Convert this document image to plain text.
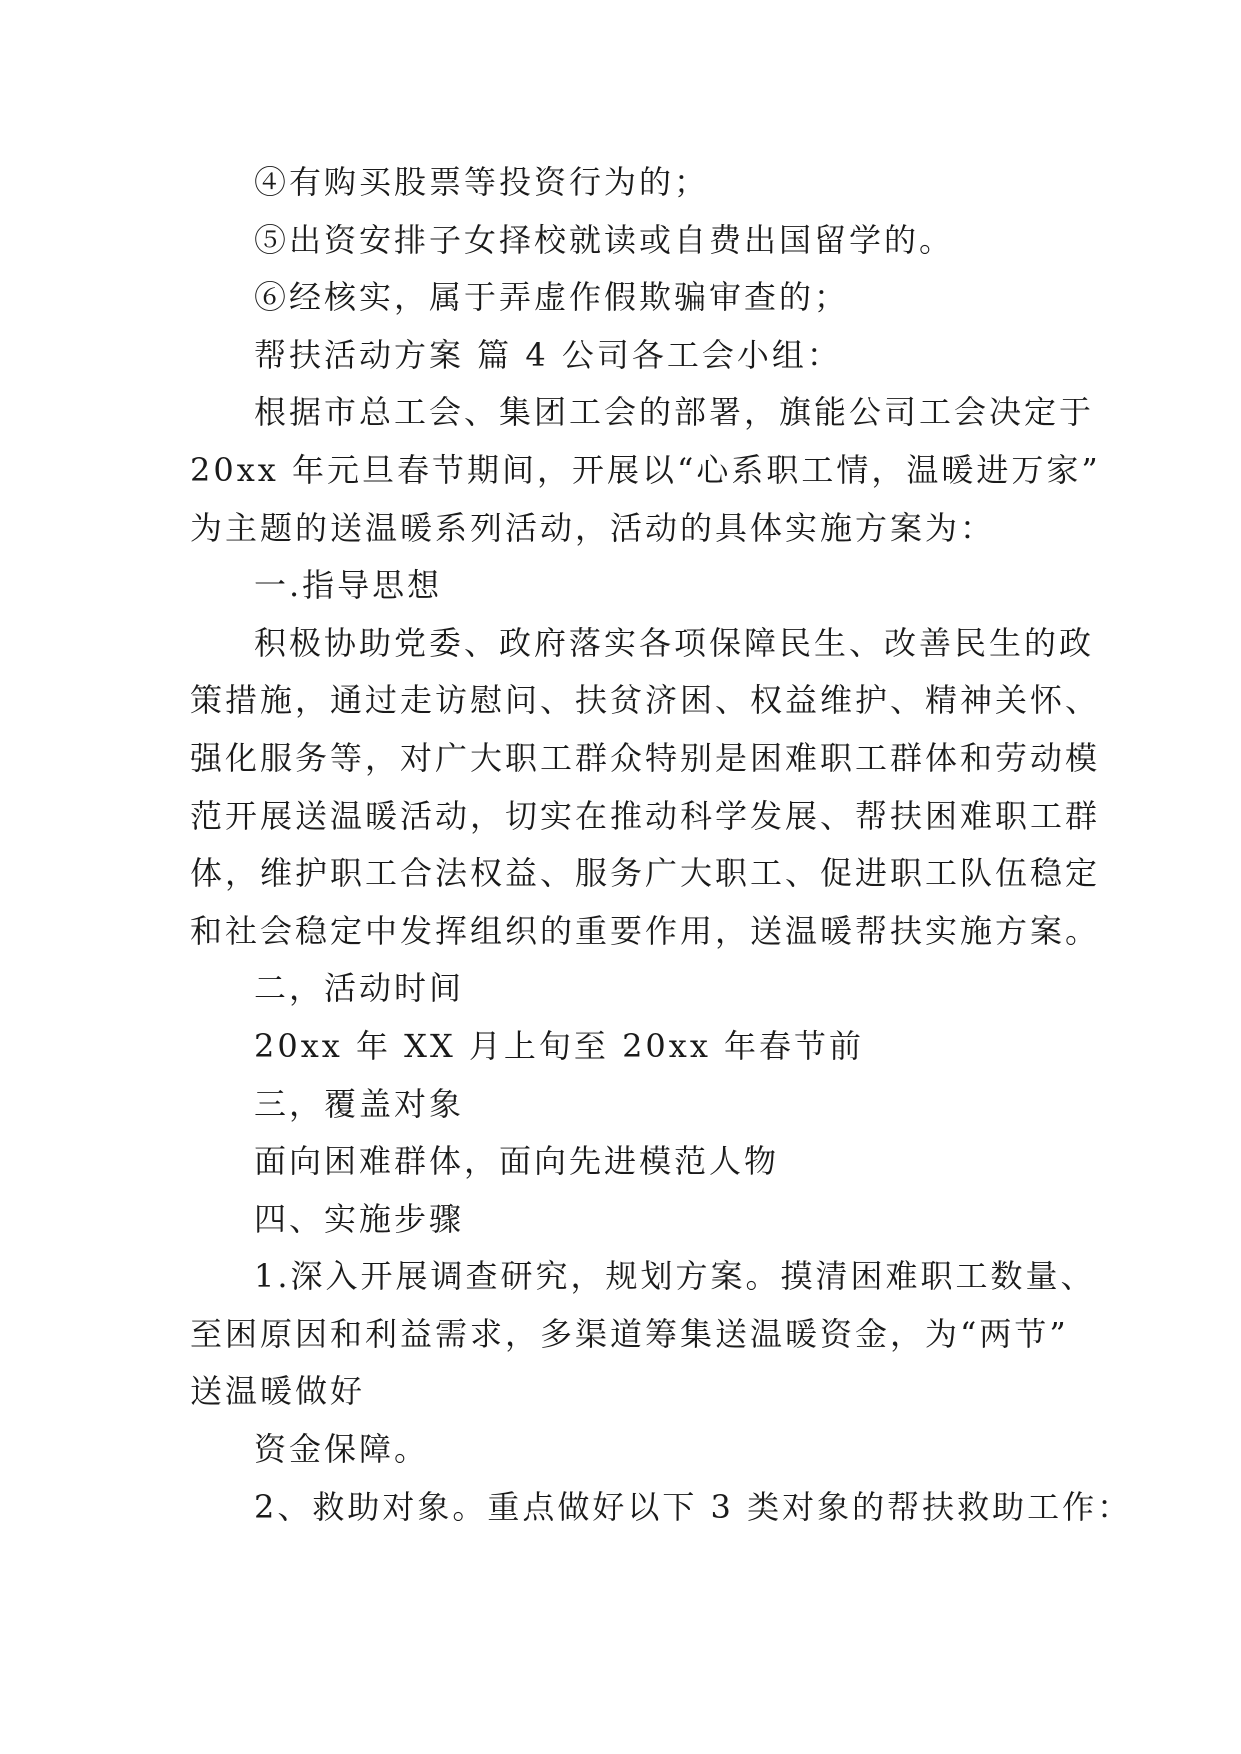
④有购买股票等投资行为的；
⑤出资安排子女择校就读或自费出国留学的。
⑥经核实，属于弄虚作假欺骗审查的；
帮扶活动方案 篇 4 公司各工会小组：
根据市总工会、集团工会的部署，旗能公司工会决定于
20xx 年元旦春节期间，开展以“心系职工情，温暖进万家”
为主题的送温暖系列活动，活动的具体实施方案为：
一.指导思想
积极协助党委、政府落实各项保障民生、改善民生的政
策措施，通过走访慰问、扶贫济困、权益维护、精神关怀、
强化服务等，对广大职工群众特别是困难职工群体和劳动模
范开展送温暖活动，切实在推动科学发展、帮扶困难职工群
体，维护职工合法权益、服务广大职工、促进职工队伍稳定
和社会稳定中发挥组织的重要作用，送温暖帮扶实施方案。
二，活动时间
20xx 年 XX 月上旬至 20xx 年春节前
三，覆盖对象
面向困难群体，面向先进模范人物
四、实施步骤
1.深入开展调查研究，规划方案。摸清困难职工数量、
至困原因和利益需求，多渠道筹集送温暖资金，为“两节”
送温暖做好
资金保障。
2、救助对象。重点做好以下 3 类对象的帮扶救助工作：
